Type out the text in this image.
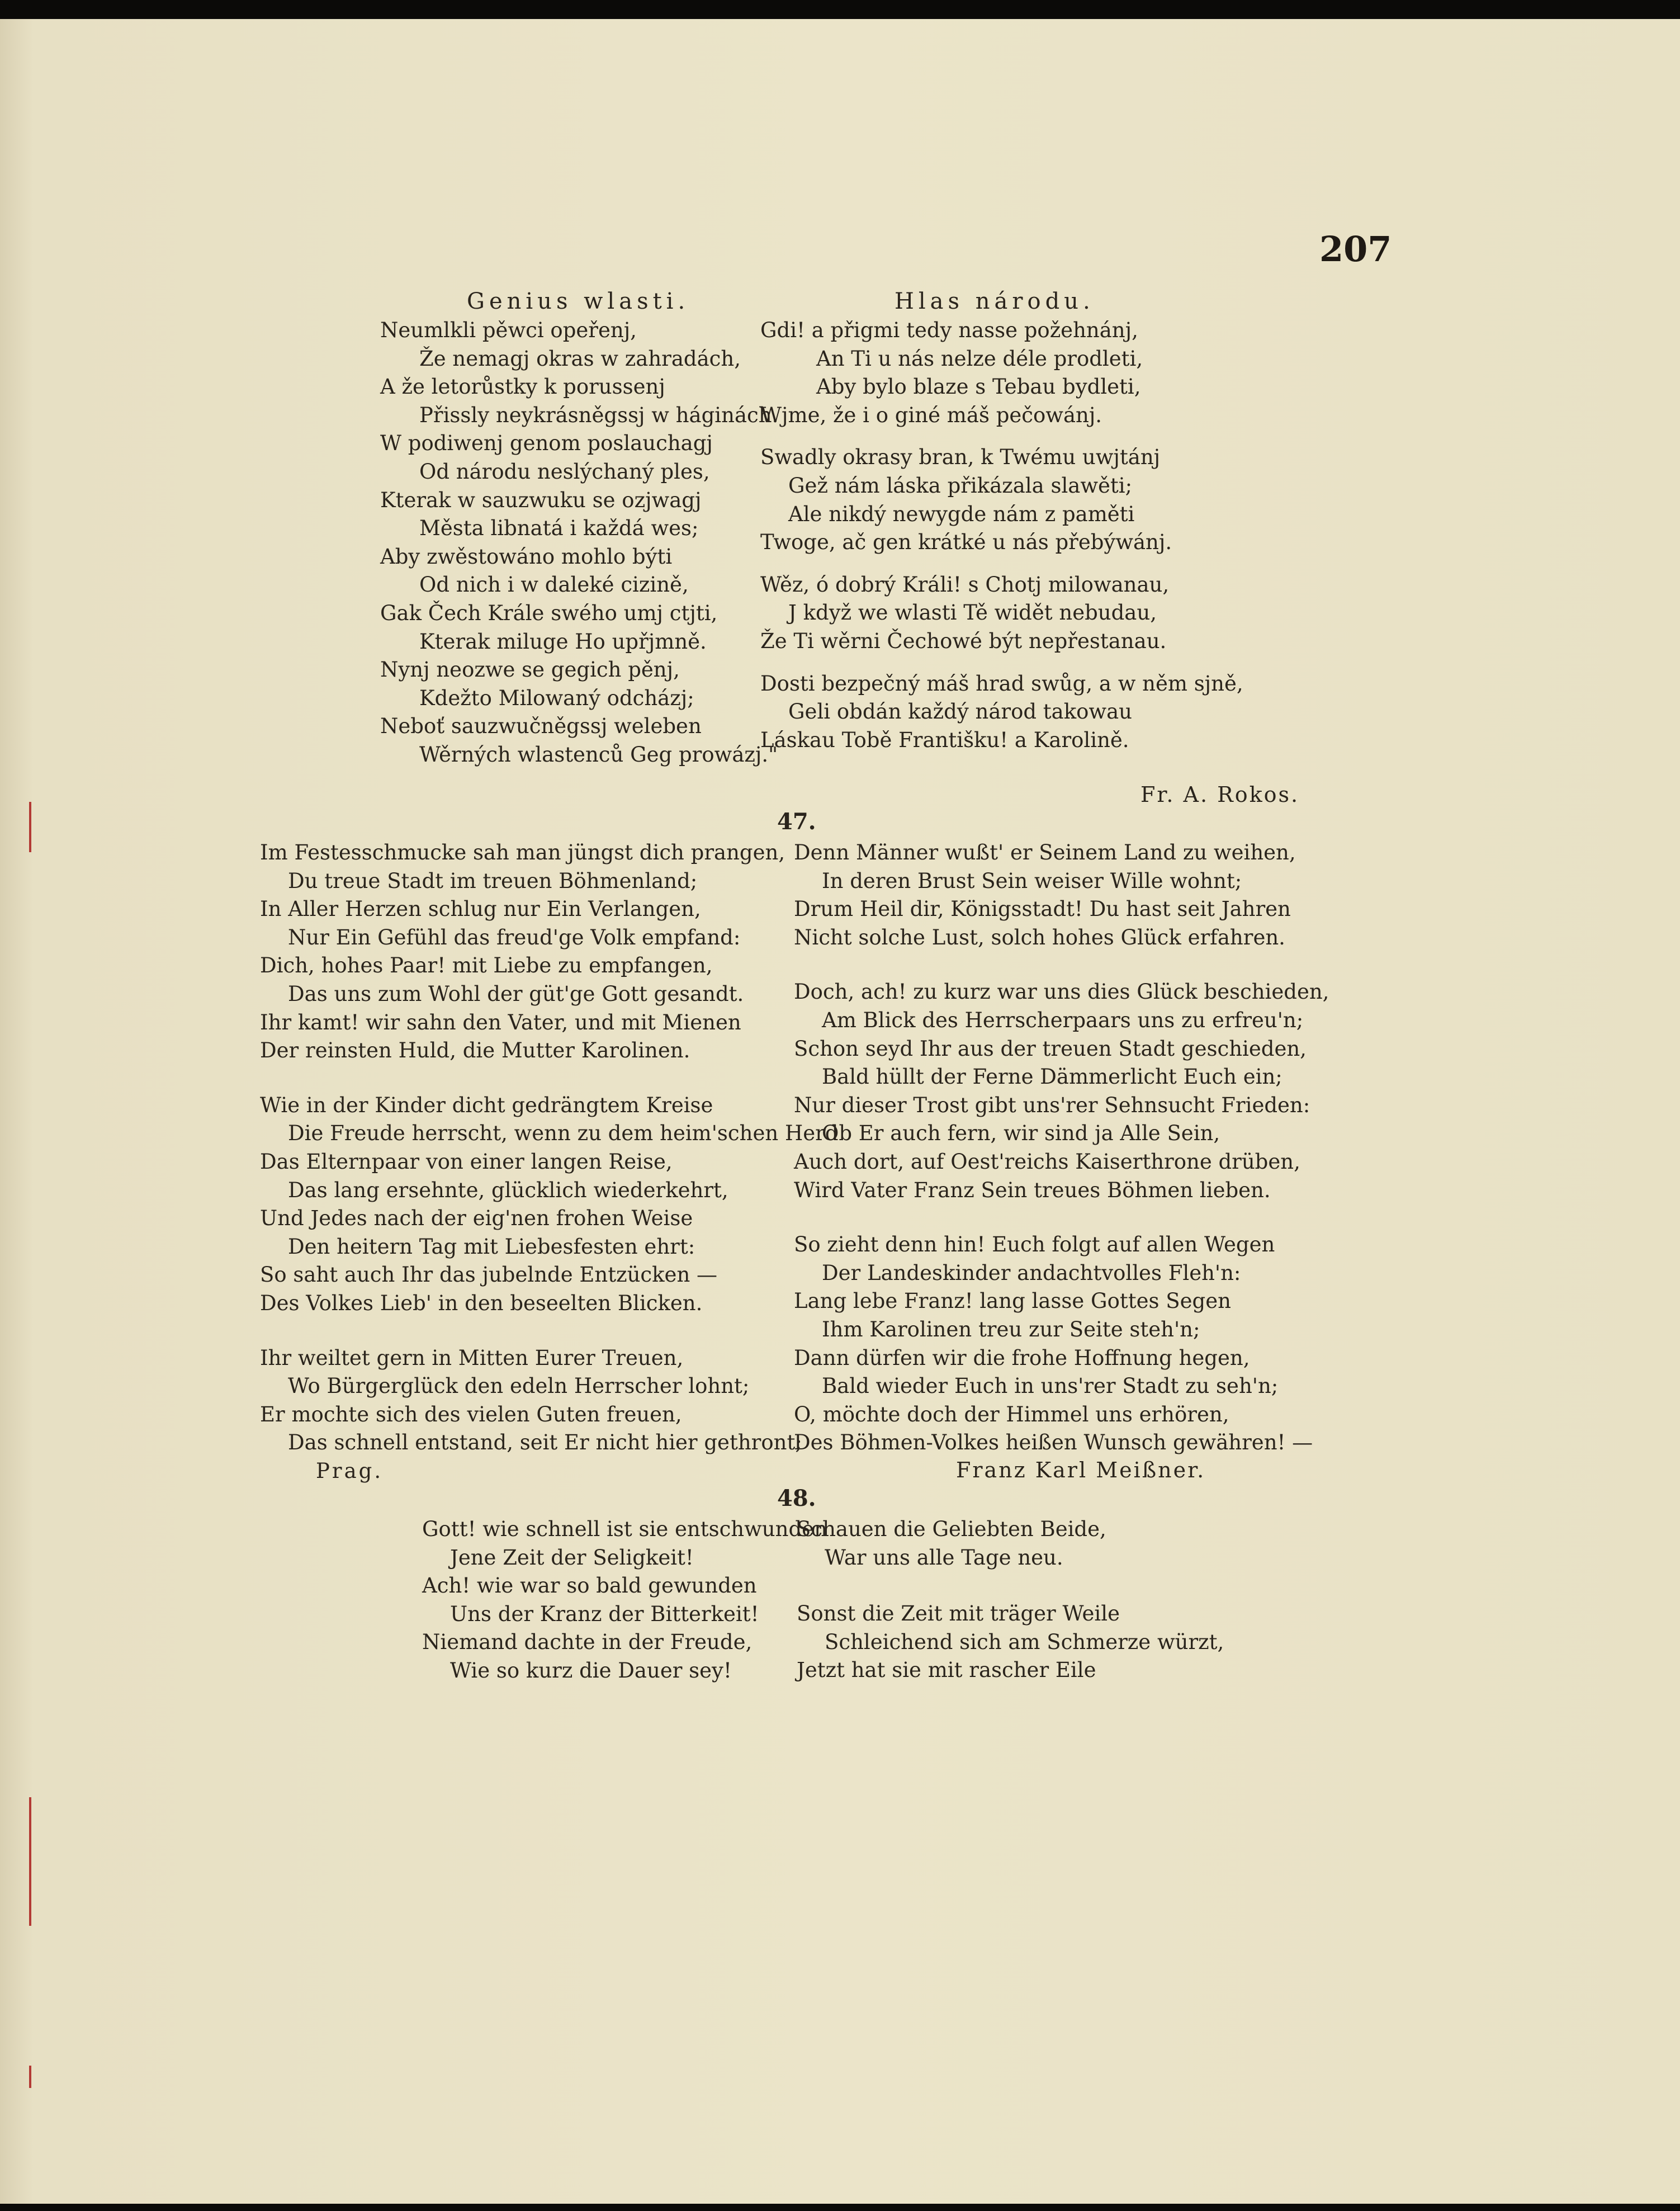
207
Genius wlasti.
Neumlkli pěwci opeřenj,
Že nemagj okras w zahradách,
A že letorůstky k porussenj
Přissly neykrásněgssj w háginách.
W podiwenj genom poslauchagj
Od národu neslýchaný ples,
Kterak w sauzwuku se ozjwagj
Města libnatá i každá wes;
Aby zwěstowáno mohlo býti
Od nich i w daleké cizině,
Gak Čech Krále swého umj ctjti,
Kterak miluge Ho upřjmně.
Nynj neozwe se gegich pěnj,
Kdežto Milowaný odcházj;
Neboť sauzwučněgssj weleben
Wěrných wlastenců Geg prowázj."
Hlas národu.
Gdi! a přigmi tedy nasse požehnánj,
An Ti u nás nelze déle prodleti,
Aby bylo blaze s Tebau bydleti,
Wjme, že i o giné máš pečowánj.
Swadly okrasy bran, k Twému uwjtánj
Gež nám láska přikázala slawěti;
Ale nikdý newygde nám z paměti
Twoge, ač gen krátké u nás přebýwánj.
Wěz, ó dobrý Králi! s Chotj milowanau,
J když we wlasti Tě widět nebudau,
Že Ti wěrni Čechowé být nepřestanau.
Dosti bezpečný máš hrad swůg, a w něm sjně,
Geli obdán každý národ takowau
Láskau Tobě Františku! a Karolině.
Fr. A. Rokos.
47.
Im Festesschmucke sah man jüngst dich prangen,
Du treue Stadt im treuen Böhmenland;
In Aller Herzen schlug nur Ein Verlangen,
Nur Ein Gefühl das freud'ge Volk empfand:
Dich, hohes Paar! mit Liebe zu empfangen,
Das uns zum Wohl der güt'ge Gott gesandt.
Ihr kamt! wir sahn den Vater, und mit Mienen
Der reinsten Huld, die Mutter Karolinen.
Wie in der Kinder dicht gedrängtem Kreise
Die Freude herrscht, wenn zu dem heim'schen Herd
Das Elternpaar von einer langen Reise,
Das lang ersehnte, glücklich wiederkehrt,
Und Jedes nach der eig'nen frohen Weise
Den heitern Tag mit Liebesfesten ehrt:
So saht auch Ihr das jubelnde Entzücken —
Des Volkes Lieb' in den beseelten Blicken.
Ihr weiltet gern in Mitten Eurer Treuen,
Wo Bürgerglück den edeln Herrscher lohnt;
Er mochte sich des vielen Guten freuen,
Das schnell entstand, seit Er nicht hier gethront;
Prag.
Denn Männer wußt' er Seinem Land zu weihen,
In deren Brust Sein weiser Wille wohnt;
Drum Heil dir, Königsstadt! Du hast seit Jahren
Nicht solche Lust, solch hohes Glück erfahren.
Doch, ach! zu kurz war uns dies Glück beschieden,
Am Blick des Herrscherpaars uns zu erfreu'n;
Schon seyd Ihr aus der treuen Stadt geschieden,
Bald hüllt der Ferne Dämmerlicht Euch ein;
Nur dieser Trost gibt uns'rer Sehnsucht Frieden:
Ob Er auch fern, wir sind ja Alle Sein,
Auch dort, auf Oest'reichs Kaiserthrone drüben,
Wird Vater Franz Sein treues Böhmen lieben.
So zieht denn hin! Euch folgt auf allen Wegen
Der Landeskinder andachtvolles Fleh'n:
Lang lebe Franz! lang lasse Gottes Segen
Ihm Karolinen treu zur Seite steh'n;
Dann dürfen wir die frohe Hoffnung hegen,
Bald wieder Euch in uns'rer Stadt zu seh'n;
O, möchte doch der Himmel uns erhören,
Des Böhmen-Volkes heißen Wunsch gewähren! —
Franz Karl Meißner.
48.
Gott! wie schnell ist sie entschwunden
Jene Zeit der Seligkeit!
Ach! wie war so bald gewunden
Uns der Kranz der Bitterkeit!
Niemand dachte in der Freude,
Wie so kurz die Dauer sey!
Schauen die Geliebten Beide,
War uns alle Tage neu.
Sonst die Zeit mit träger Weile
Schleichend sich am Schmerze würzt,
Jetzt hat sie mit rascher Eile
